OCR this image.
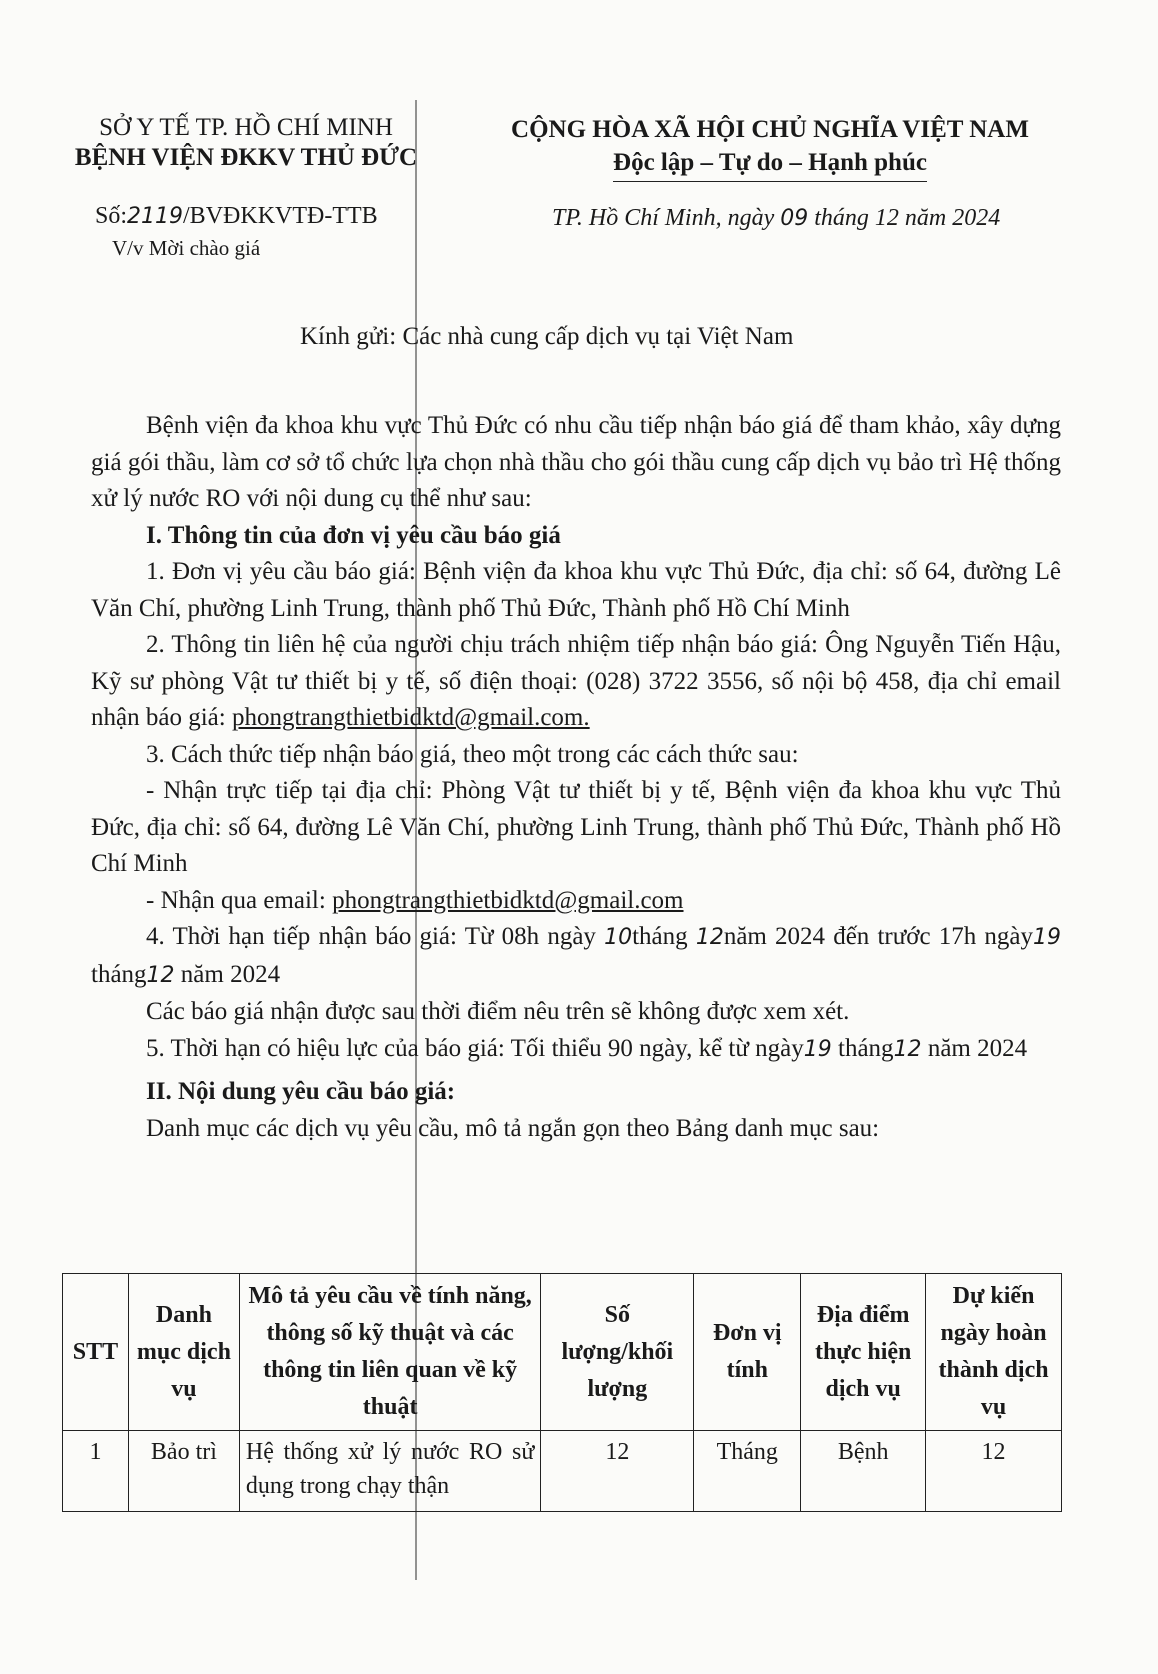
SỞ Y TẾ TP. HỒ CHÍ MINH
BỆNH VIỆN ĐKKV THỦ ĐỨC
CỘNG HÒA XÃ HỘI CHỦ NGHĨA VIỆT NAM
Độc lập – Tự do – Hạnh phúc
Số:2119/BVĐKKVTĐ-TTB
V/v Mời chào giá
TP. Hồ Chí Minh, ngày 09 tháng 12 năm 2024
Kính gửi: Các nhà cung cấp dịch vụ tại Việt Nam

Bệnh viện đa khoa khu vực Thủ Đức có nhu cầu tiếp nhận báo giá để tham khảo, xây dựng giá gói thầu, làm cơ sở tổ chức lựa chọn nhà thầu cho gói thầu cung cấp dịch vụ bảo trì Hệ thống xử lý nước RO với nội dung cụ thể như sau:

I. Thông tin của đơn vị yêu cầu báo giá

1. Đơn vị yêu cầu báo giá: Bệnh viện đa khoa khu vực Thủ Đức, địa chỉ: số 64, đường Lê Văn Chí, phường Linh Trung, thành phố Thủ Đức, Thành phố Hồ Chí Minh

2. Thông tin liên hệ của người chịu trách nhiệm tiếp nhận báo giá: Ông Nguyễn Tiến Hậu, Kỹ sư phòng Vật tư thiết bị y tế, số điện thoại: (028) 3722 3556, số nội bộ 458, địa chỉ email nhận báo giá: phongtrangthietbidktd@gmail.com.

3. Cách thức tiếp nhận báo giá, theo một trong các cách thức sau:

- Nhận trực tiếp tại địa chỉ: Phòng Vật tư thiết bị y tế, Bệnh viện đa khoa khu vực Thủ Đức, địa chỉ: số 64, đường Lê Văn Chí, phường Linh Trung, thành phố Thủ Đức, Thành phố Hồ Chí Minh

- Nhận qua email: phongtrangthietbidktd@gmail.com

4. Thời hạn tiếp nhận báo giá: Từ 08h ngày 10tháng 12năm 2024 đến trước 17h ngày19 tháng12 năm 2024

Các báo giá nhận được sau thời điểm nêu trên sẽ không được xem xét.

5. Thời hạn có hiệu lực của báo giá: Tối thiểu 90 ngày, kể từ ngày19 tháng12 năm 2024

II. Nội dung yêu cầu báo giá:

Danh mục các dịch vụ yêu cầu, mô tả ngắn gọn theo Bảng danh mục sau:

STT	Danh mục dịch vụ	Mô tả yêu cầu về tính năng, thông số kỹ thuật và các thông tin liên quan về kỹ thuật	Số lượng/khối lượng	Đơn vị tính	Địa điểm thực hiện dịch vụ	Dự kiến ngày hoàn thành dịch vụ
1	Bảo trì	Hệ thống xử lý nước RO sử dụng trong chạy thận	12	Tháng	Bệnh	12
